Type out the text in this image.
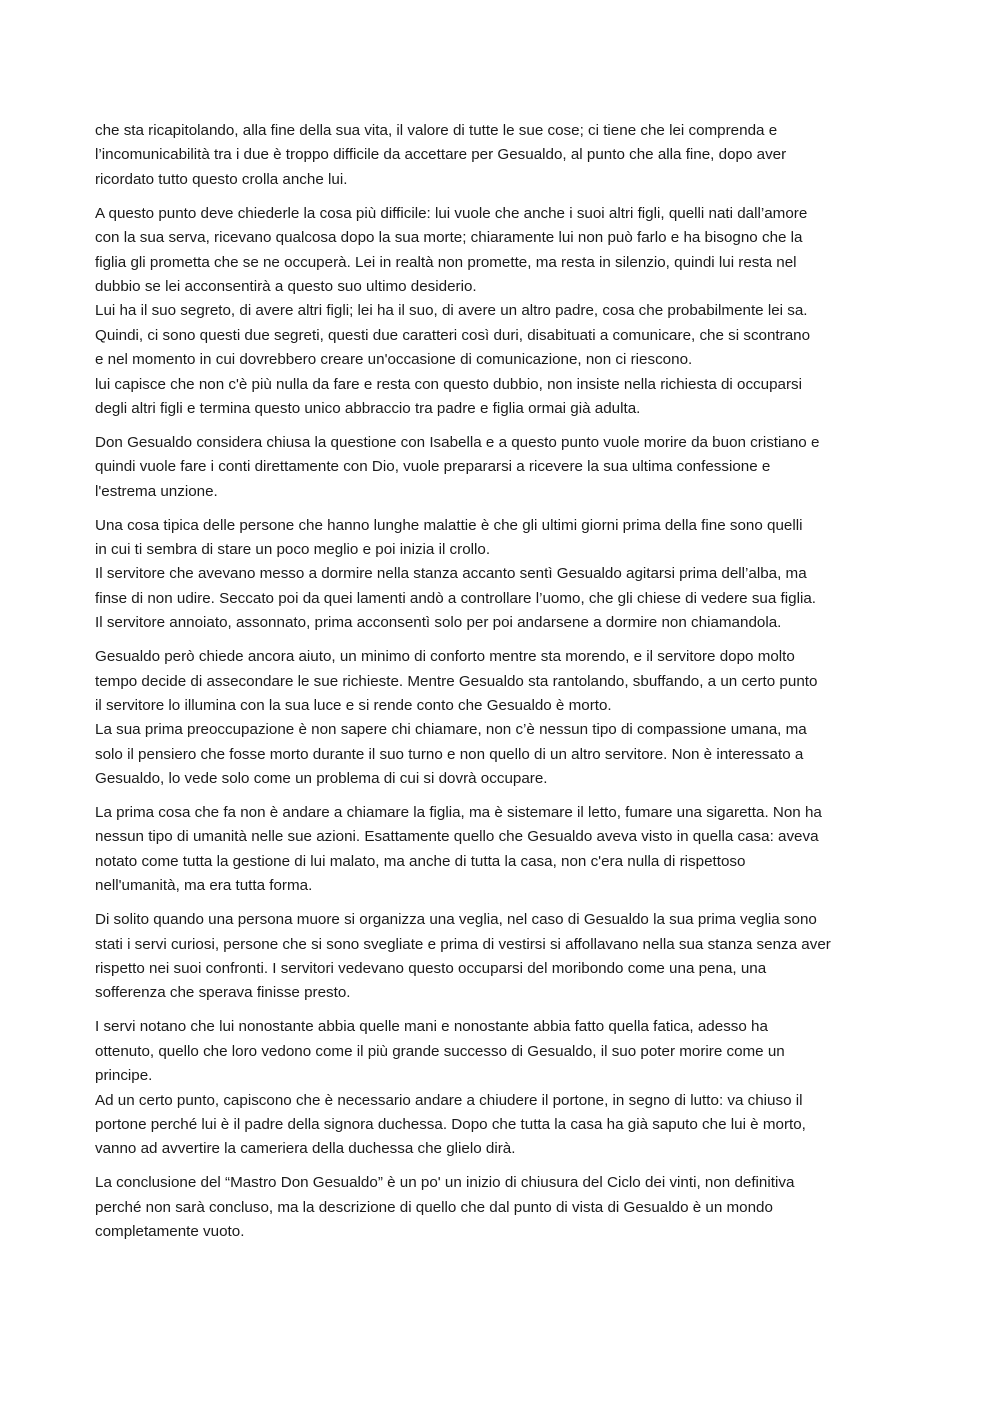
che sta ricapitolando, alla fine della sua vita, il valore di tutte le sue cose; ci tiene che lei comprenda e
l’incomunicabilità tra i due è troppo difficile da accettare per Gesualdo, al punto che alla fine, dopo aver
ricordato tutto questo crolla anche lui.

A questo punto deve chiederle la cosa più difficile: lui vuole che anche i suoi altri figli, quelli nati dall’amore
con la sua serva, ricevano qualcosa dopo la sua morte; chiaramente lui non può farlo e ha bisogno che la
figlia gli prometta che se ne occuperà. Lei in realtà non promette, ma resta in silenzio, quindi lui resta nel
dubbio se lei acconsentirà a questo suo ultimo desiderio.
Lui ha il suo segreto, di avere altri figli; lei ha il suo, di avere un altro padre, cosa che probabilmente lei sa.
Quindi, ci sono questi due segreti, questi due caratteri così duri, disabituati a comunicare, che si scontrano
e nel momento in cui dovrebbero creare un'occasione di comunicazione, non ci riescono.
lui capisce che non c'è più nulla da fare e resta con questo dubbio, non insiste nella richiesta di occuparsi
degli altri figli e termina questo unico abbraccio tra padre e figlia ormai già adulta.

Don Gesualdo considera chiusa la questione con Isabella e a questo punto vuole morire da buon cristiano e
quindi vuole fare i conti direttamente con Dio, vuole prepararsi a ricevere la sua ultima confessione e
l'estrema unzione.

Una cosa tipica delle persone che hanno lunghe malattie è che gli ultimi giorni prima della fine sono quelli
in cui ti sembra di stare un poco meglio e poi inizia il crollo.
Il servitore che avevano messo a dormire nella stanza accanto sentì Gesualdo agitarsi prima dell’alba, ma
finse di non udire. Seccato poi da quei lamenti andò a controllare l’uomo, che gli chiese di vedere sua figlia.
Il servitore annoiato, assonnato, prima acconsentì solo per poi andarsene a dormire non chiamandola.

Gesualdo però chiede ancora aiuto, un minimo di conforto mentre sta morendo, e il servitore dopo molto
tempo decide di assecondare le sue richieste. Mentre Gesualdo sta rantolando, sbuffando, a un certo punto
il servitore lo illumina con la sua luce e si rende conto che Gesualdo è morto.
La sua prima preoccupazione è non sapere chi chiamare, non c’è nessun tipo di compassione umana, ma
solo il pensiero che fosse morto durante il suo turno e non quello di un altro servitore. Non è interessato a
Gesualdo, lo vede solo come un problema di cui si dovrà occupare.

La prima cosa che fa non è andare a chiamare la figlia, ma è sistemare il letto, fumare una sigaretta. Non ha
nessun tipo di umanità nelle sue azioni. Esattamente quello che Gesualdo aveva visto in quella casa: aveva
notato come tutta la gestione di lui malato, ma anche di tutta la casa, non c'era nulla di rispettoso
nell'umanità, ma era tutta forma.

Di solito quando una persona muore si organizza una veglia, nel caso di Gesualdo la sua prima veglia sono
stati i servi curiosi, persone che si sono svegliate e prima di vestirsi si affollavano nella sua stanza senza aver
rispetto nei suoi confronti. I servitori vedevano questo occuparsi del moribondo come una pena, una
sofferenza che sperava finisse presto.

I servi notano che lui nonostante abbia quelle mani e nonostante abbia fatto quella fatica, adesso ha
ottenuto, quello che loro vedono come il più grande successo di Gesualdo, il suo poter morire come un
principe.
Ad un certo punto, capiscono che è necessario andare a chiudere il portone, in segno di lutto: va chiuso il
portone perché lui è il padre della signora duchessa. Dopo che tutta la casa ha già saputo che lui è morto,
vanno ad avvertire la cameriera della duchessa che glielo dirà.

La conclusione del “Mastro Don Gesualdo” è un po' un inizio di chiusura del Ciclo dei vinti, non definitiva
perché non sarà concluso, ma la descrizione di quello che dal punto di vista di Gesualdo è un mondo
completamente vuoto.
